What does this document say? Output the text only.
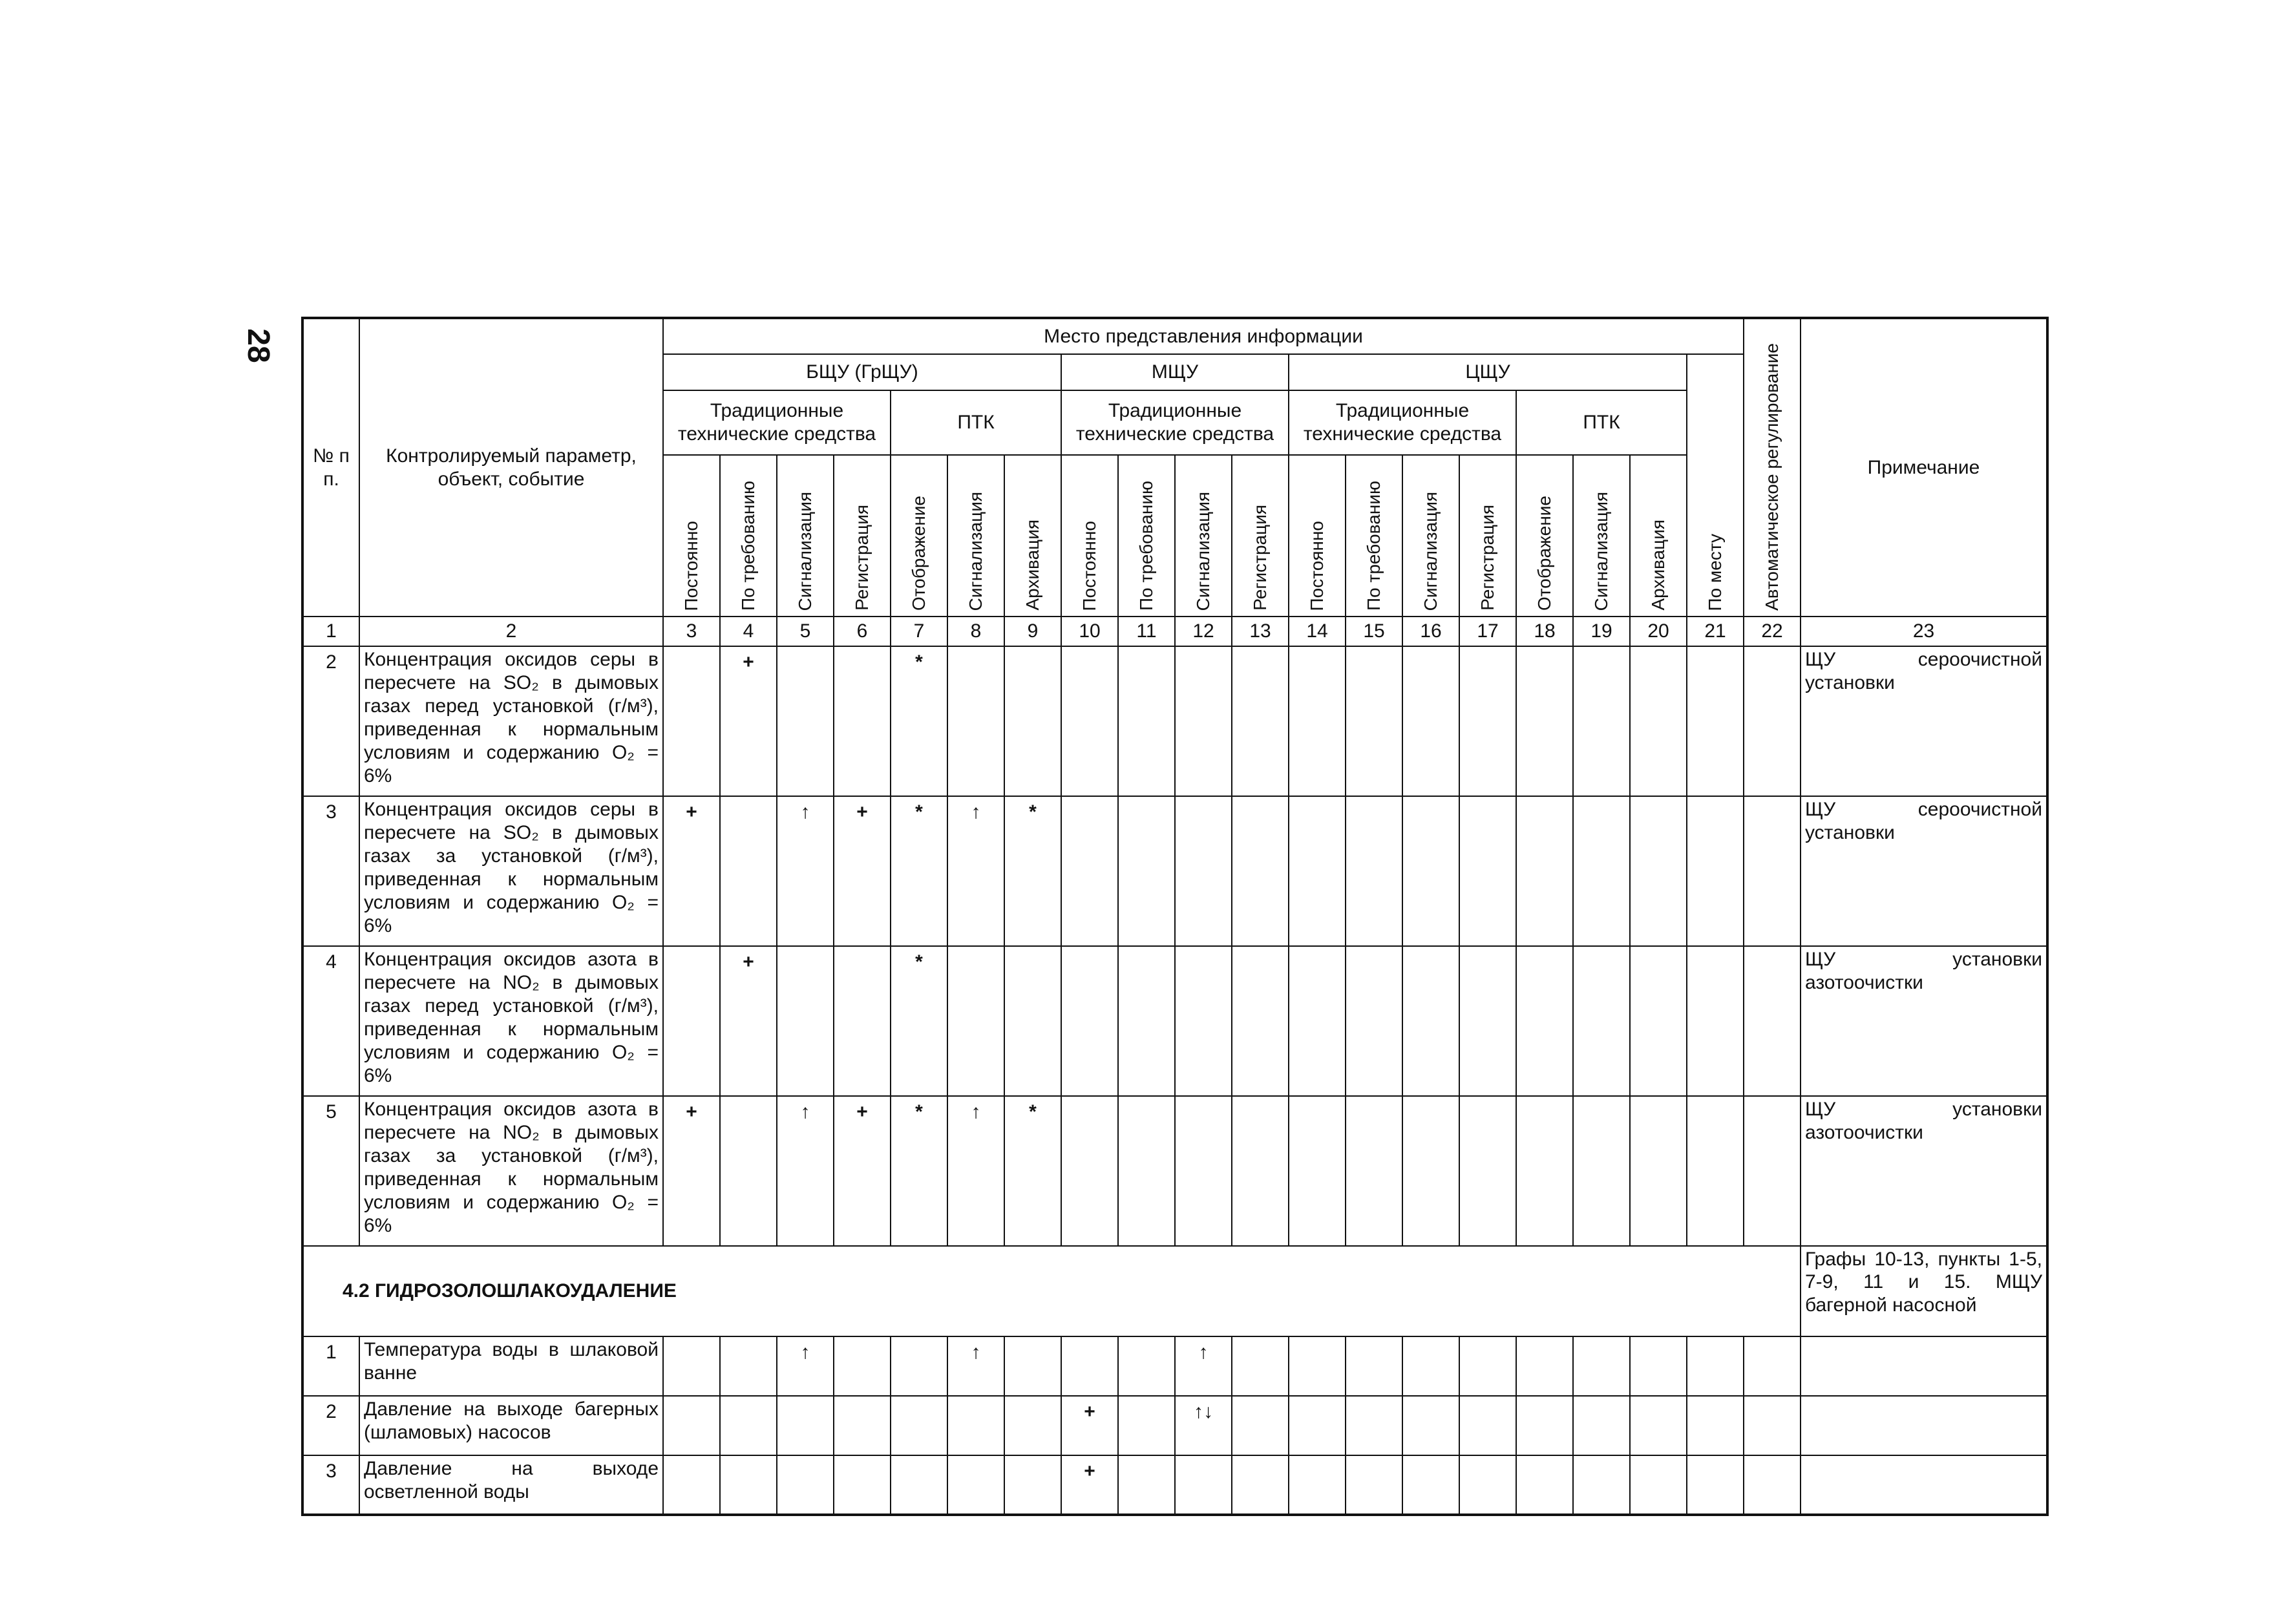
28
№ п п.	Контролируемый параметр, объект, событие	Место представления информации																			Автоматическое регулирование	Примечание
		БЩУ (ГрЩУ)							МЩУ				ЦЩУ							По месту		

		Традиционные технические средства				ПТК			Традиционные технические средства				Традиционные технические средства				ПТК					

		Постоянно	По требованию	Сигнализация	Регистрация	Отображение	Сигнализация	Архивация	Постоянно	По требованию	Сигнализация	Регистрация	Постоянно	По требованию	Сигнализация	Регистрация	Отображение	Сигнализация	Архивация			

1	2	3	4	5	6	7	8	9	10	11	12	13	14	15	16	17	18	19	20	21	22	23
2	Концентрация оксидов серы в пересчете на SO₂ в дымовых газах перед установкой (г/м³), приведенная к нормальным условиям и содержанию O₂ = 6%		+			*																ЩУ сероочистной установки
3	Концентрация оксидов серы в пересчете на SO₂ в дымовых газах за установкой (г/м³), приведенная к нормальным условиям и содержанию O₂ = 6%	+		↑	+	*	↑	*														ЩУ сероочистной установки
4	Концентрация оксидов азота в пересчете на NO₂ в дымовых газах перед установкой (г/м³), приведенная к нормальным условиям и содержанию O₂ = 6%		+			*																ЩУ установки азотоочистки
5	Концентрация оксидов азота в пересчете на NO₂ в дымовых газах за установкой (г/м³), приведенная к нормальным условиям и содержанию O₂ = 6%	+		↑	+	*	↑	*														ЩУ установки азотоочистки
4.2 ГИДРОЗОЛОШЛАКОУДАЛЕНИЕ																						Графы 10-13, пункты 1-5, 7-9, 11 и 15. МЩУ багерной насосной
1	Температура воды в шлаковой ванне			↑			↑				↑											
2	Давление на выходе багерных (шламовых) насосов								+		↑↓											
3	Давление на выходе осветленной воды								+													
